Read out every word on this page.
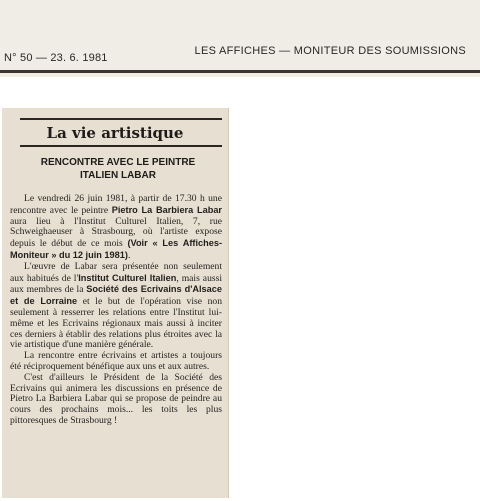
N° 50 — 23. 6. 1981
LES AFFICHES — MONITEUR DES SOUMISSIONS
La vie artistique
RENCONTRE AVEC LE PEINTRE
ITALIEN LABAR

Le vendredi 26 juin 1981, à partir de 17.30 h une rencontre avec le peintre Pietro La Barbiera Labar aura lieu à l'Institut Culturel Italien, 7, rue Schweighaeuser à Strasbourg, où l'artiste expose depuis le début de ce mois (Voir « Les Affiches-Moniteur » du 12 juin 1981).

L'œuvre de Labar sera présentée non seulement aux habitués de l'Institut Culturel Italien, mais aussi aux membres de la Société des Ecrivains d'Alsace et de Lorraine et le but de l'opération vise non seulement à resserrer les relations entre l'Institut lui-même et les Ecrivains régionaux mais aussi à inciter ces derniers à établir des relations plus étroites avec la vie artistique d'une manière générale.

La rencontre entre écrivains et artistes a toujours été réciproquement bénéfique aux uns et aux autres.

C'est d'ailleurs le Président de la Société des Ecrivains qui animera les discussions en présence de Pietro La Barbiera Labar qui se propose de peindre au cours des prochains mois... les toits les plus pittoresques de Strasbourg !
